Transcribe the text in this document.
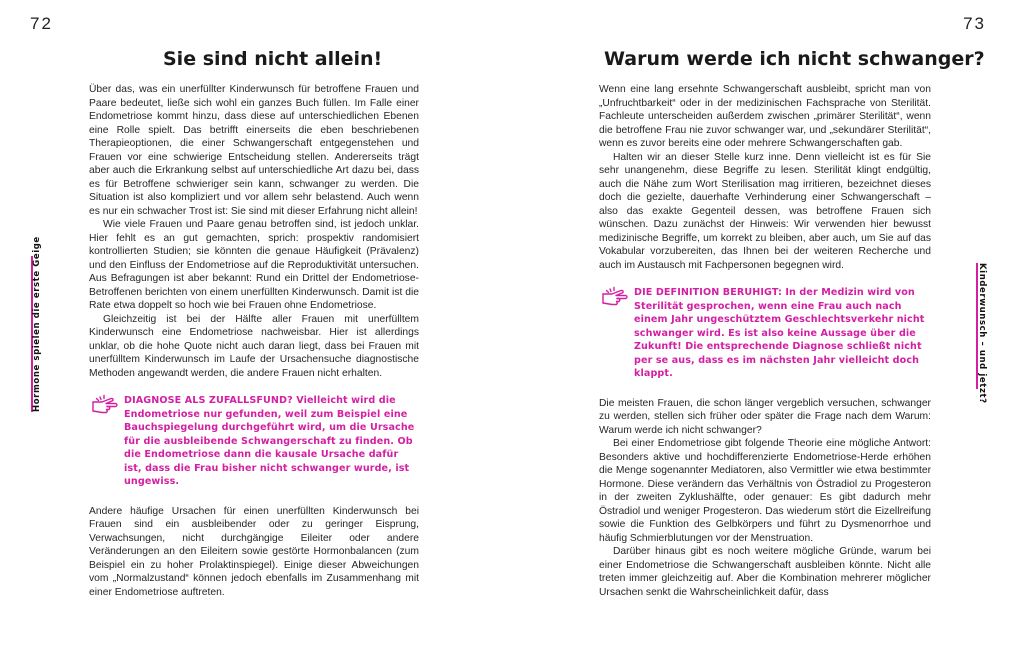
72
Hormone spielen die erste Geige
Sie sind nicht allein!

Über das, was ein unerfüllter Kinderwunsch für betroffene Frauen und Paare bedeutet, ließe sich wohl ein ganzes Buch füllen. Im Falle einer Endometriose kommt hinzu, dass diese auf unterschiedlichen Ebenen eine Rolle spielt. Das betrifft einerseits die eben beschriebenen Therapieoptionen, die einer Schwangerschaft entgegenstehen und Frauen vor eine schwierige Entscheidung stellen. Andererseits trägt aber auch die Erkrankung selbst auf unterschiedliche Art dazu bei, dass es für Betroffene schwieriger sein kann, schwanger zu werden. Die Situation ist also kompliziert und vor allem sehr belastend. Auch wenn es nur ein schwacher Trost ist: Sie sind mit dieser Erfahrung nicht allein!

Wie viele Frauen und Paare genau betroffen sind, ist jedoch unklar. Hier fehlt es an gut gemachten, sprich: prospektiv randomisiert kontrollierten Studien; sie könnten die genaue Häufigkeit (Prävalenz) und den Einfluss der Endometriose auf die Reproduktivität untersuchen. Aus Befragungen ist aber bekannt: Rund ein Drittel der Endometriose-Betroffenen berichten von einem unerfüllten Kinderwunsch. Damit ist die Rate etwa doppelt so hoch wie bei Frauen ohne Endometriose.

Gleichzeitig ist bei der Hälfte aller Frauen mit unerfülltem Kinderwunsch eine Endometriose nachweisbar. Hier ist allerdings unklar, ob die hohe Quote nicht auch daran liegt, dass bei Frauen mit unerfülltem Kinderwunsch im Laufe der Ursachensuche diagnostische Methoden angewandt werden, die andere Frauen nicht erhalten.

DIAGNOSE ALS ZUFALLSFUND? Vielleicht wird die Endometriose nur gefunden, weil zum Beispiel eine Bauchspiegelung durchgeführt wird, um die Ursache für die ausbleibende Schwangerschaft zu finden. Ob die Endometriose dann die kausale Ursache dafür ist, dass die Frau bisher nicht schwanger wurde, ist ungewiss.

Andere häufige Ursachen für einen unerfüllten Kinderwunsch bei Frauen sind ein ausbleibender oder zu geringer Eisprung, Verwachsungen, nicht durchgängige Eileiter oder andere Veränderungen an den Eileitern sowie gestörte Hormonbalancen (zum Beispiel ein zu hoher Prolaktinspiegel). Einige dieser Abweichungen vom „Normalzustand“ können jedoch ebenfalls im Zusammenhang mit einer Endometriose auftreten.

73
Kinderwunsch – und jetzt?
Warum werde ich nicht schwanger?

Wenn eine lang ersehnte Schwangerschaft ausbleibt, spricht man von „Unfruchtbarkeit“ oder in der medizinischen Fachsprache von Sterilität. Fachleute unterscheiden außerdem zwischen „primärer Sterilität“, wenn die betroffene Frau nie zuvor schwanger war, und „sekundärer Sterilität“, wenn es zuvor bereits eine oder mehrere Schwangerschaften gab.

Halten wir an dieser Stelle kurz inne. Denn vielleicht ist es für Sie sehr unangenehm, diese Begriffe zu lesen. Sterilität klingt endgültig, auch die Nähe zum Wort Sterilisation mag irritieren, bezeichnet dieses doch die gezielte, dauerhafte Verhinderung einer Schwangerschaft – also das exakte Gegenteil dessen, was betroffene Frauen sich wünschen. Dazu zunächst der Hinweis: Wir verwenden hier bewusst medizinische Begriffe, um korrekt zu bleiben, aber auch, um Sie auf das Vokabular vorzubereiten, das Ihnen bei der weiteren Recherche und auch im Austausch mit Fachpersonen begegnen wird.

DIE DEFINITION BERUHIGT: In der Medizin wird von Sterilität gesprochen, wenn eine Frau auch nach einem Jahr ungeschütztem Geschlechtsverkehr nicht schwanger wird. Es ist also keine Aussage über die Zukunft! Die entsprechende Diagnose schließt nicht per se aus, dass es im nächsten Jahr vielleicht doch klappt.

Die meisten Frauen, die schon länger vergeblich versuchen, schwanger zu werden, stellen sich früher oder später die Frage nach dem Warum: Warum werde ich nicht schwanger?

Bei einer Endometriose gibt folgende Theorie eine mögliche Antwort: Besonders aktive und hochdifferenzierte Endometriose-Herde erhöhen die Menge sogenannter Mediatoren, also Vermittler wie etwa bestimmter Hormone. Diese verändern das Verhältnis von Östradiol zu Progesteron in der zweiten Zyklushälfte, oder genauer: Es gibt dadurch mehr Östradiol und weniger Progesteron. Das wiederum stört die Eizellreifung sowie die Funktion des Gelbkörpers und führt zu Dysmenorrhoe und häufig Schmierblutungen vor der Menstruation.

Darüber hinaus gibt es noch weitere mögliche Gründe, warum bei einer Endometriose die Schwangerschaft ausbleiben könnte. Nicht alle treten immer gleichzeitig auf. Aber die Kombination mehrerer möglicher Ursachen senkt die Wahrscheinlichkeit dafür, dass
